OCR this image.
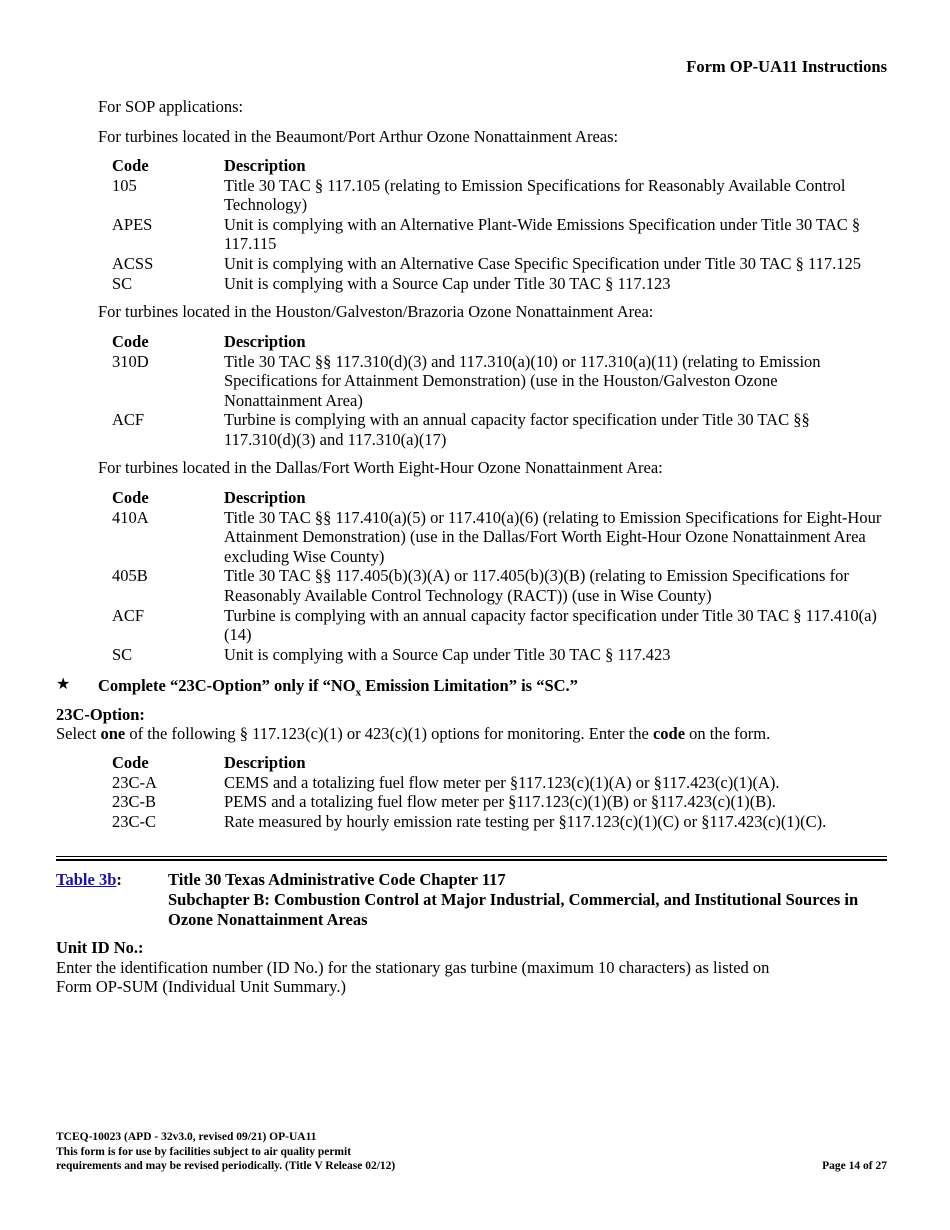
Form OP-UA11 Instructions
For SOP applications:
For turbines located in the Beaumont/Port Arthur Ozone Nonattainment Areas:
Code	Description
105	Title 30 TAC § 117.105 (relating to Emission Specifications for Reasonably Available Control Technology)
APES	Unit is complying with an Alternative Plant-Wide Emissions Specification under Title 30 TAC § 117.115
ACSS	Unit is complying with an Alternative Case Specific Specification under Title 30 TAC § 117.125
SC	Unit is complying with a Source Cap under Title 30 TAC § 117.123
For turbines located in the Houston/Galveston/Brazoria Ozone Nonattainment Area:
Code	Description
310D	Title 30 TAC §§ 117.310(d)(3) and 117.310(a)(10) or 117.310(a)(11) (relating to Emission Specifications for Attainment Demonstration) (use in the Houston/Galveston Ozone Nonattainment Area)
ACF	Turbine is complying with an annual capacity factor specification under Title 30 TAC §§ 117.310(d)(3) and 117.310(a)(17)
For turbines located in the Dallas/Fort Worth Eight-Hour Ozone Nonattainment Area:
Code	Description
410A	Title 30 TAC §§ 117.410(a)(5) or 117.410(a)(6) (relating to Emission Specifications for Eight-Hour Attainment Demonstration) (use in the Dallas/Fort Worth Eight-Hour Ozone Nonattainment Area excluding Wise County)
405B	Title 30 TAC §§ 117.405(b)(3)(A) or 117.405(b)(3)(B) (relating to Emission Specifications for Reasonably Available Control Technology (RACT)) (use in Wise County)
ACF	Turbine is complying with an annual capacity factor specification under Title 30 TAC § 117.410(a)(14)
SC	Unit is complying with a Source Cap under Title 30 TAC § 117.423
★ Complete “23C-Option” only if “$NO_x$ Emission Limitation” is “SC.”
23C-Option:
Select one of the following § 117.123(c)(1) or 423(c)(1) options for monitoring. Enter the code on the form.
Code	Description
23C-A	CEMS and a totalizing fuel flow meter per §117.123(c)(1)(A) or §117.423(c)(1)(A).
23C-B	PEMS and a totalizing fuel flow meter per §117.123(c)(1)(B) or §117.423(c)(1)(B).
23C-C	Rate measured by hourly emission rate testing per §117.123(c)(1)(C) or §117.423(c)(1)(C).
Table 3b:	Title 30 Texas Administrative Code Chapter 117
Subchapter B: Combustion Control at Major Industrial, Commercial, and Institutional Sources in Ozone Nonattainment Areas
Unit ID No.:
Enter the identification number (ID No.) for the stationary gas turbine (maximum 10 characters) as listed on
Form OP-SUM (Individual Unit Summary.)
TCEQ-10023 (APD - 32v3.0, revised 09/21) OP-UA11
This form is for use by facilities subject to air quality permit
requirements and may be revised periodically. (Title V Release 02/12)	Page 14 of 27
